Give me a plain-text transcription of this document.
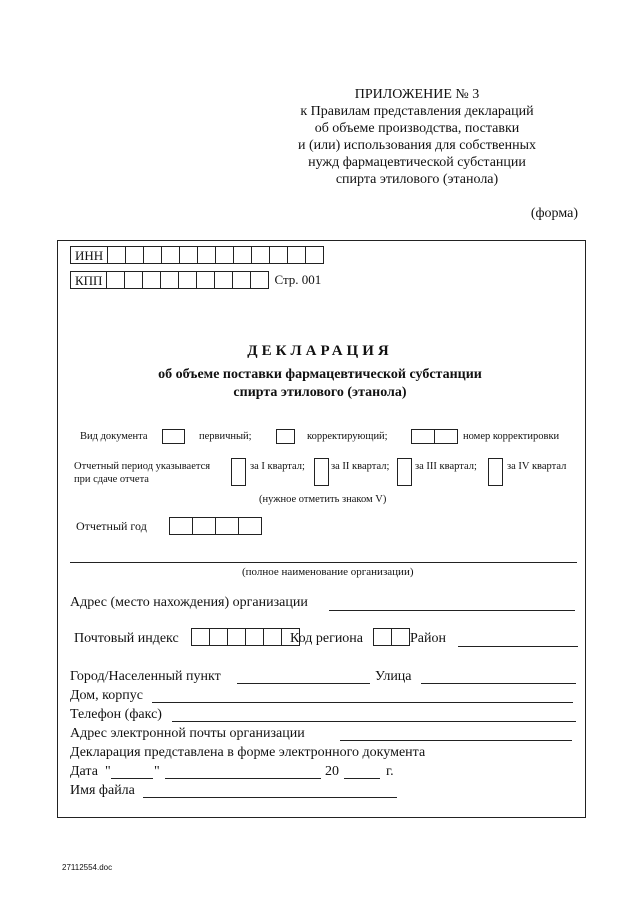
ПРИЛОЖЕНИЕ № 3
к Правилам представления деклараций
об объеме производства, поставки
и (или) использования для собственных
нужд фармацевтической субстанции
спирта этилового (этанола)
(форма)
ИНН
КПП	Стр. 001
ДЕКЛАРАЦИЯ
об объеме поставки фармацевтической субстанции
спирта этилового (этанола)
Вид документа	первичный;	корректирующий;	номер корректировки
Отчетный период указывается
при сдаче отчета
за I квартал; за II квартал; за III квартал;	за IV квартал
(нужное отметить знаком V)
Отчетный год
(полное наименование организации)
Адрес (место нахождения) организации
Почтовый индекс	Код региона	Район
Город/Населенный пункт	Улица
Дом, корпус
Телефон (факс)
Адрес электронной почты организации
Декларация представлена в форме электронного документа
Дата "	"	20	г.
Имя файла
27112554.doc
